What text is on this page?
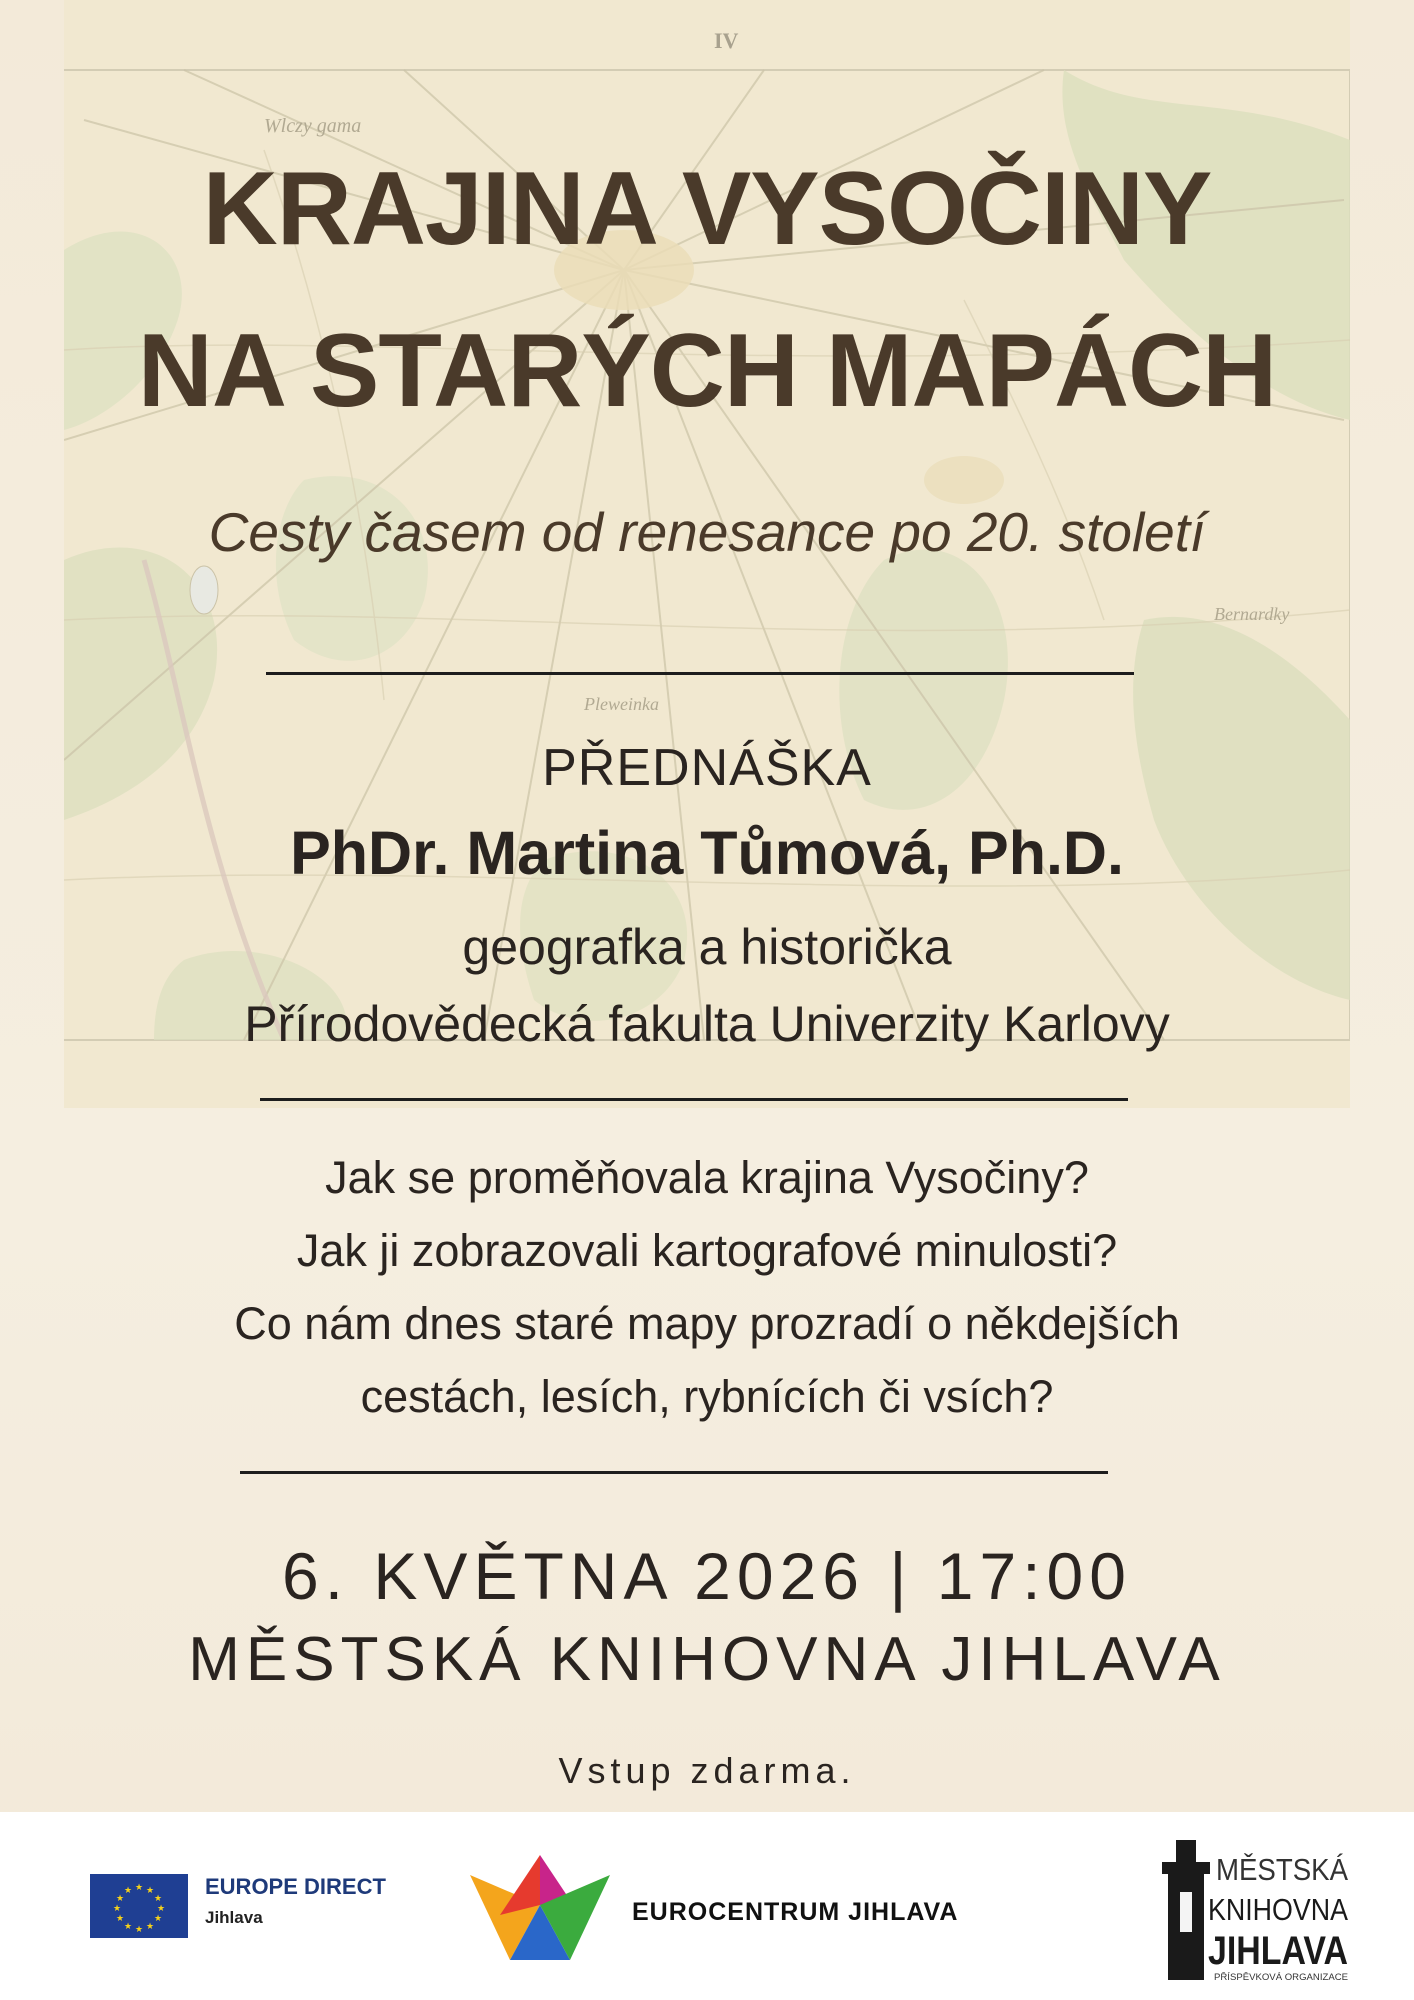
IV
Wlczy gama
Pleweinka
Bernardky
KRAJINA VYSOČINY
NA STARÝCH MAPÁCH
Cesty časem od renesance po 20. století
PŘEDNÁŠKA
PhDr. Martina Tůmová, Ph.D.
geografka a historička
Přírodovědecká fakulta Univerzity Karlovy
Jak se proměňovala krajina Vysočiny?
Jak ji zobrazovali kartografové minulosti?
Co nám dnes staré mapy prozradí o někdejších
cestách, lesích, rybnících či vsích?
6. KVĚTNA 2026 | 17:00
MĚSTSKÁ KNIHOVNA JIHLAVA
Vstup zdarma.
★ ★
★
★
★
★
★
★
★
★
★
★	EUROPE DIRECT
Jihlava	EUROCENTRUM JIHLAVA
MĚSTSKÁ
KNIHOVNA
JIHLAVA
PŘÍSPĚVKOVÁ ORGANIZACE
